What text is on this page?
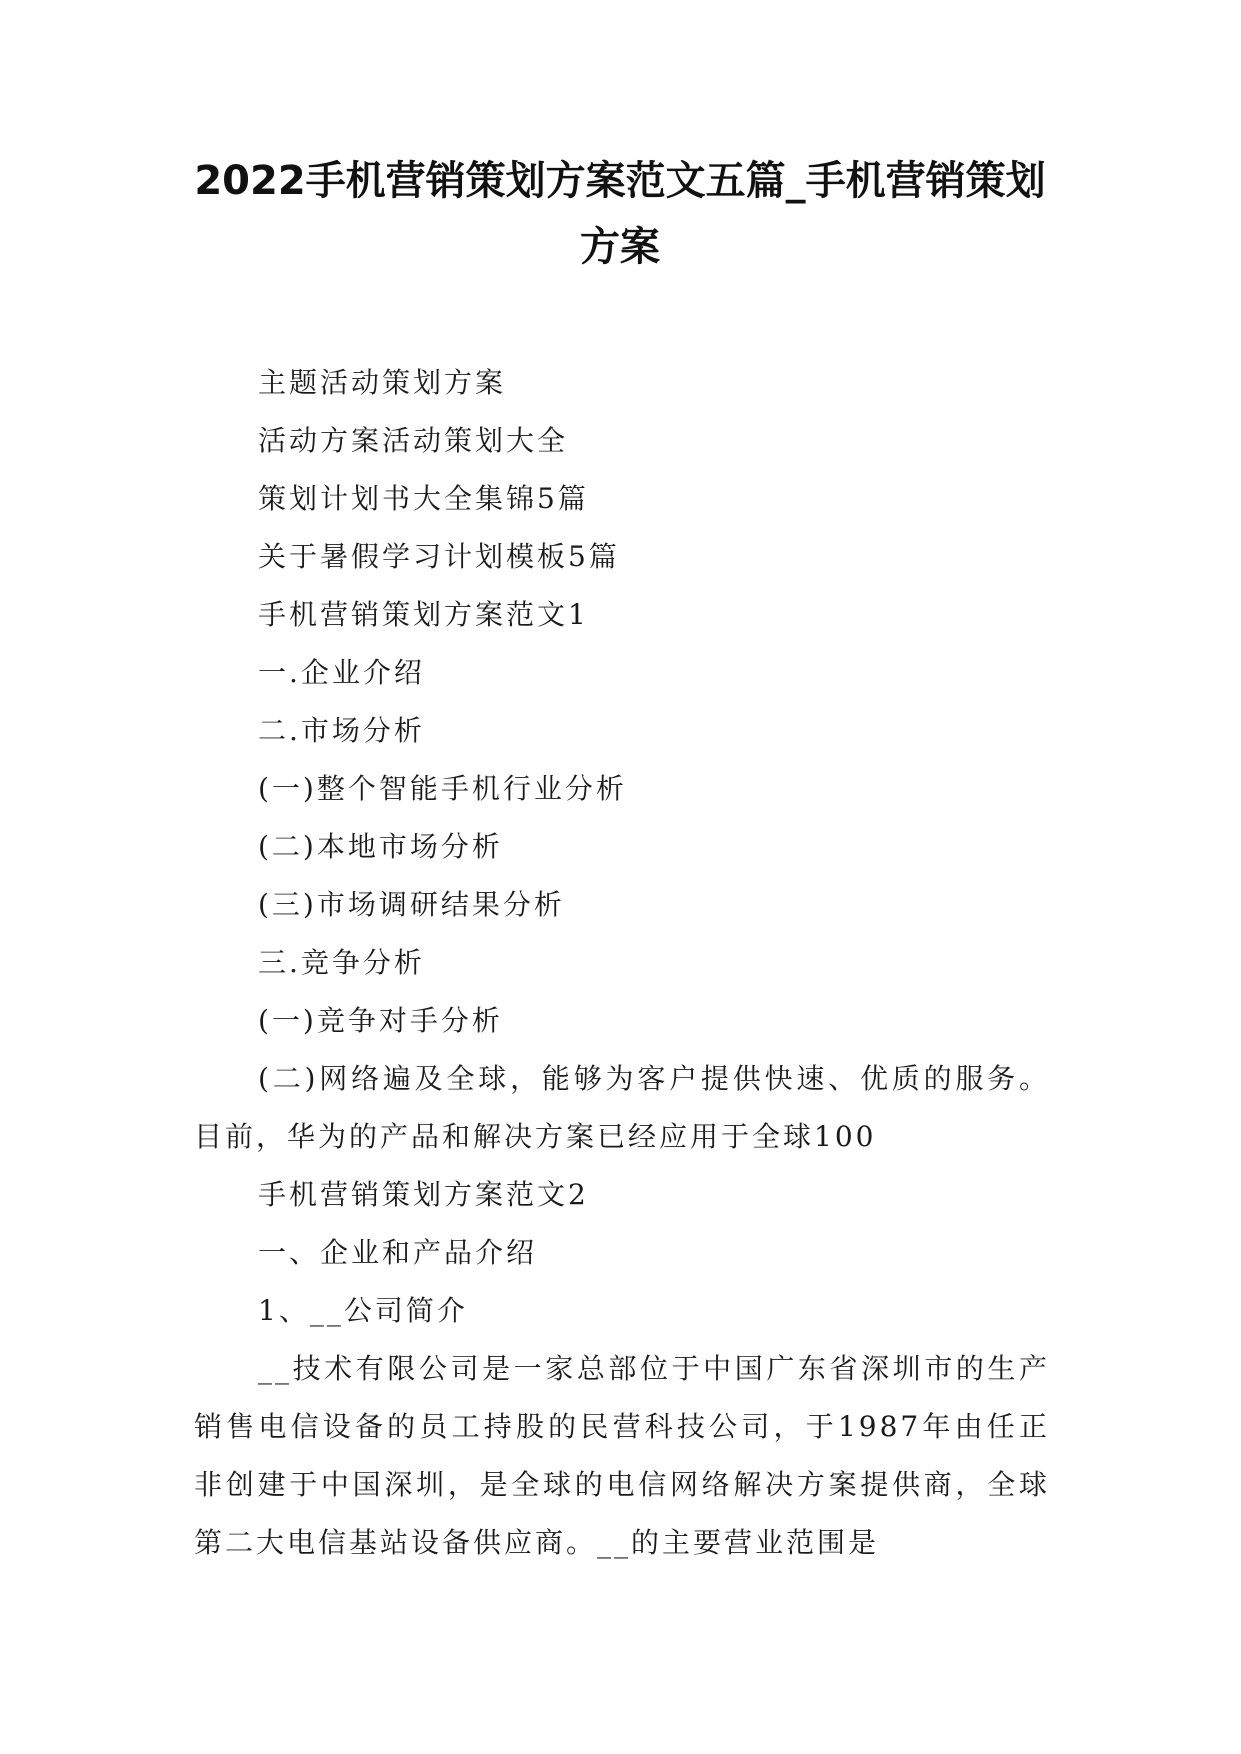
2022手机营销策划方案范文五篇_手机营销策划方案

主题活动策划方案

活动方案活动策划大全

策划计划书大全集锦5篇

关于暑假学习计划模板5篇

手机营销策划方案范文1

一.企业介绍

二.市场分析

(一)整个智能手机行业分析

(二)本地市场分析

(三)市场调研结果分析

三.竞争分析

(一)竞争对手分析

(二)网络遍及全球，能够为客户提供快速、优质的服务。目前，华为的产品和解决方案已经应用于全球100

手机营销策划方案范文2

一、企业和产品介绍

1、__公司简介

__技术有限公司是一家总部位于中国广东省深圳市的生产销售电信设备的员工持股的民营科技公司，于1987年由任正非创建于中国深圳，是全球的电信网络解决方案提供商，全球第二大电信基站设备供应商。__的主要营业范围是
